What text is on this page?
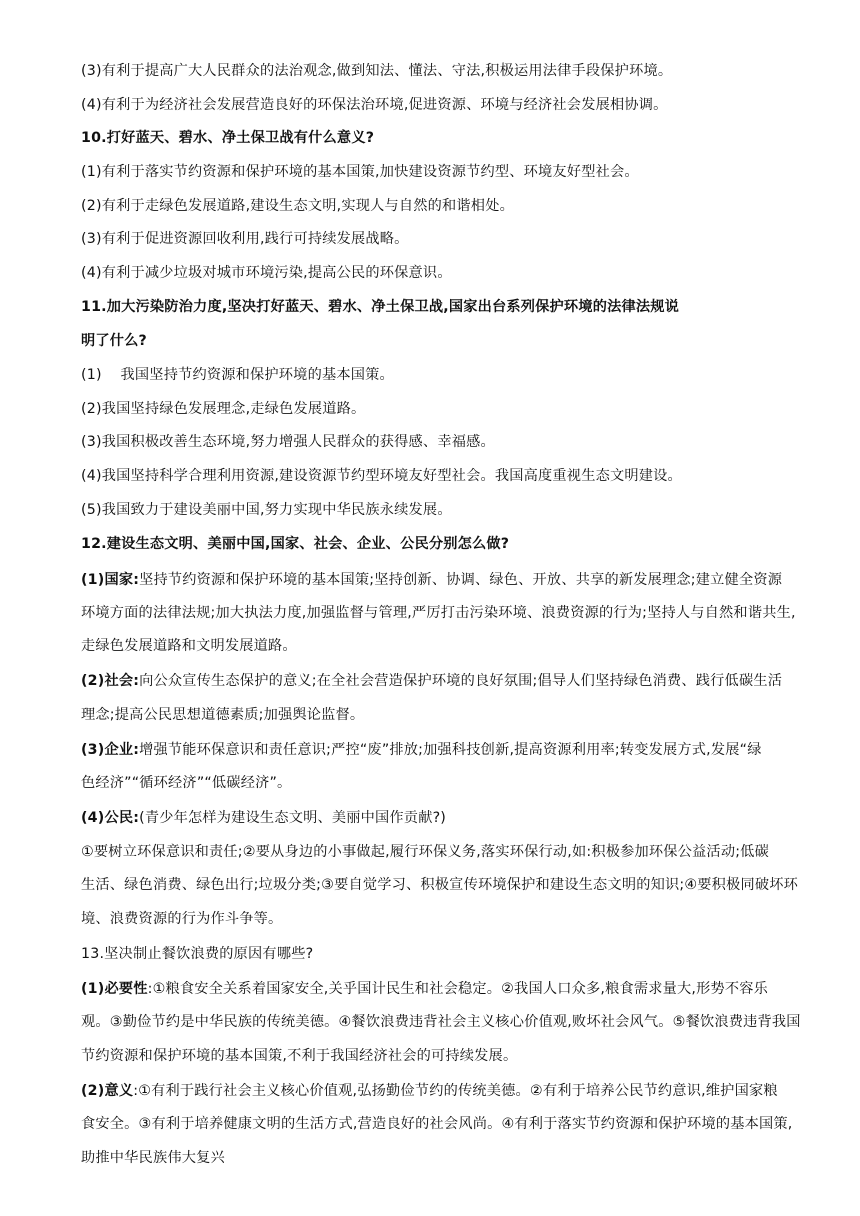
(3)有利于提高广大人民群众的法治观念,做到知法、懂法、守法,积极运用法律手段保护环境。
(4)有利于为经济社会发展营造良好的环保法治环境,促进资源、环境与经济社会发展相协调。
10.打好蓝天、碧水、净土保卫战有什么意义?
(1)有利于落实节约资源和保护环境的基本国策,加快建设资源节约型、环境友好型社会。
(2)有利于走绿色发展道路,建设生态文明,实现人与自然的和谐相处。
(3)有利于促进资源回收利用,践行可持续发展战略。
(4)有利于减少垃圾对城市环境污染,提高公民的环保意识。
11.加大污染防治力度,坚决打好蓝天、碧水、净土保卫战,国家出台系列保护环境的法律法规说
明了什么?
(1)    我国坚持节约资源和保护环境的基本国策。
(2)我国坚持绿色发展理念,走绿色发展道路。
(3)我国积极改善生态环境,努力增强人民群众的获得感、幸福感。
(4)我国坚持科学合理利用资源,建设资源节约型环境友好型社会。我国高度重视生态文明建设。
(5)我国致力于建设美丽中国,努力实现中华民族永续发展。
12.建设生态文明、美丽中国,国家、社会、企业、公民分别怎么做?
(1)国家:坚持节约资源和保护环境的基本国策;坚持创新、协调、绿色、开放、共享的新发展理念;建立健全资源
环境方面的法律法规;加大执法力度,加强监督与管理,严厉打击污染环境、浪费资源的行为;坚持人与自然和谐共生,
走绿色发展道路和文明发展道路。
(2)社会:向公众宣传生态保护的意义;在全社会营造保护环境的良好氛围;倡导人们坚持绿色消费、践行低碳生活
理念;提高公民思想道德素质;加强舆论监督。
(3)企业:增强节能环保意识和责任意识;严控“废”排放;加强科技创新,提高资源利用率;转变发展方式,发展“绿
色经济”“循环经济”“低碳经济”。
(4)公民:(青少年怎样为建设生态文明、美丽中国作贡献?)
①要树立环保意识和责任;②要从身边的小事做起,履行环保义务,落实环保行动,如:积极参加环保公益活动;低碳
生活、绿色消费、绿色出行;垃圾分类;③要自觉学习、积极宣传环境保护和建设生态文明的知识;④要积极同破坏环
境、浪费资源的行为作斗争等。
13.坚决制止餐饮浪费的原因有哪些?
(1)必要性:①粮食安全关系着国家安全,关乎国计民生和社会稳定。②我国人口众多,粮食需求量大,形势不容乐
观。③勤俭节约是中华民族的传统美德。④餐饮浪费违背社会主义核心价值观,败坏社会风气。⑤餐饮浪费违背我国
节约资源和保护环境的基本国策,不利于我国经济社会的可持续发展。
(2)意义:①有利于践行社会主义核心价值观,弘扬勤俭节约的传统美德。②有利于培养公民节约意识,维护国家粮
食安全。③有利于培养健康文明的生活方式,营造良好的社会风尚。④有利于落实节约资源和保护环境的基本国策,
助推中华民族伟大复兴
